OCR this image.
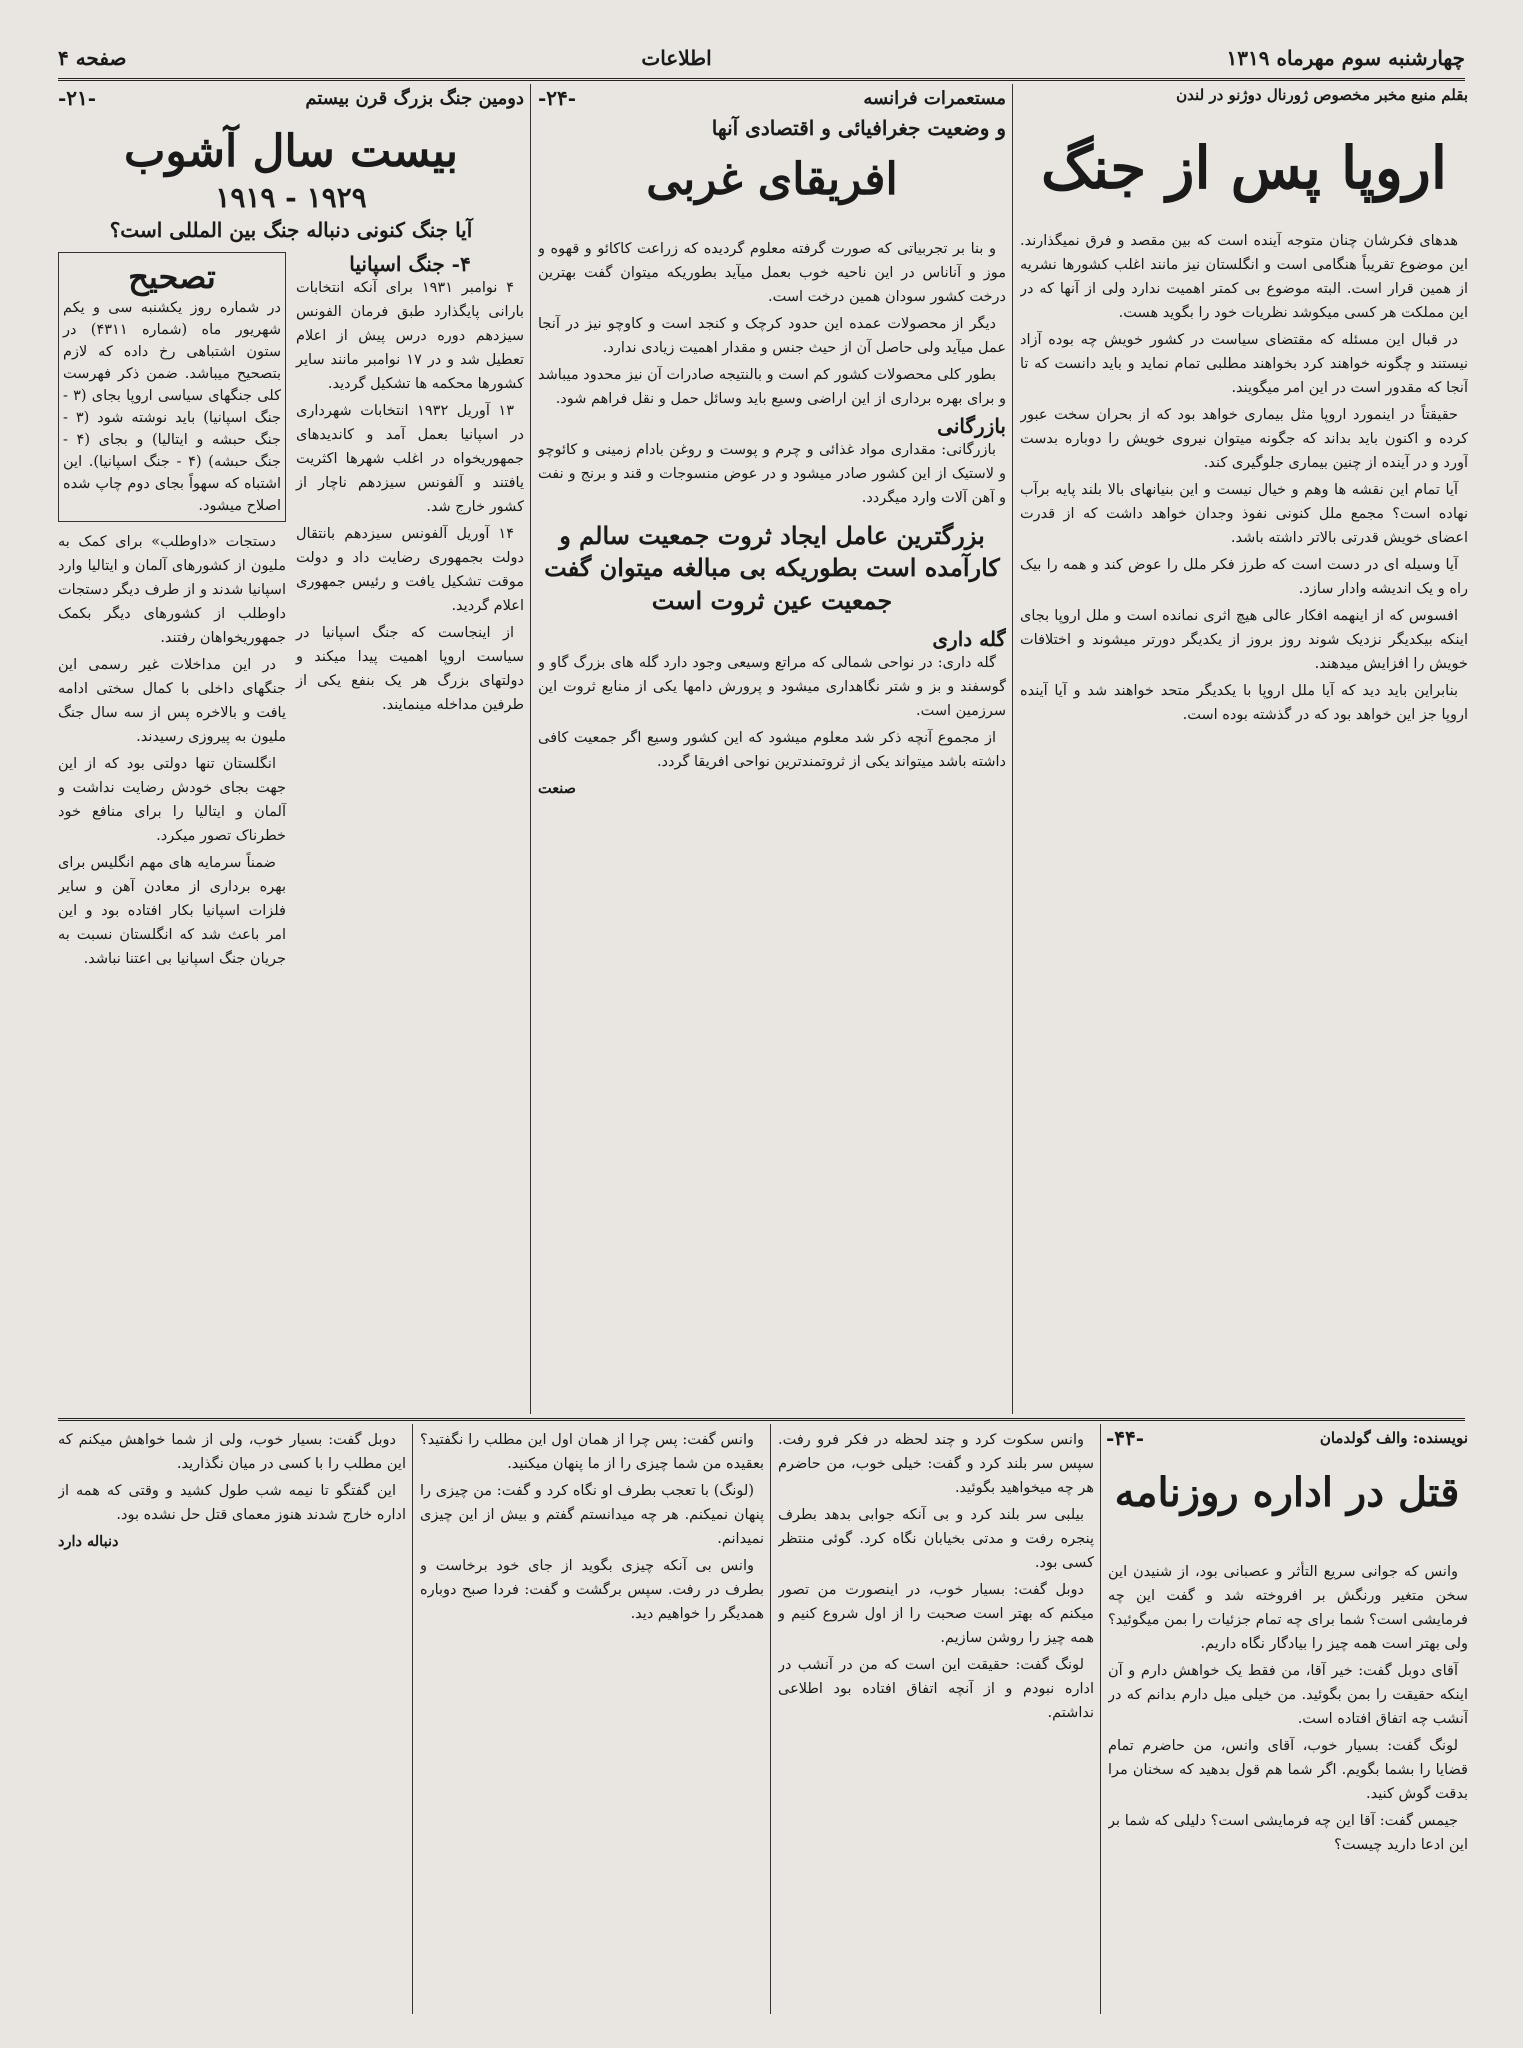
چهارشنبه سوم مهرماه ۱۳۱۹
اطلاعات
صفحه ۴
بقلم منبع مخبر مخصوص ژورنال دوژنو در لندن
اروپا پس از جنگ

هدهای فکرشان چنان متوجه آینده است که بین مقصد و فرق نمیگذارند. این موضوع تقریباً هنگامی است و انگلستان نیز مانند اغلب کشورها نشریه از همین قرار است. البته موضوع بی کمتر اهمیت ندارد ولی از آنها که در این مملکت هر کسی میکوشد نظریات خود را بگوید هست.

در قبال این مسئله که مقتضای سیاست در کشور خویش چه بوده آزاد نیستند و چگونه خواهند کرد بخواهند مطلبی تمام نماید و باید دانست که تا آنجا که مقدور است در این امر میگویند.

حقیقتاً در اینمورد اروپا مثل بیماری خواهد بود که از بحران سخت عبور کرده و اکنون باید بداند که جگونه میتوان نیروی خویش را دوباره بدست آورد و در آینده از چنین بیماری جلوگیری کند.

آیا تمام این نقشه ها وهم و خیال نیست و این بنیانهای بالا بلند پایه برآب نهاده است؟ مجمع ملل کنونی نفوذ وجدان خواهد داشت که از قدرت اعضای خویش قدرتی بالاتر داشته باشد.

آیا وسیله ای در دست است که طرز فکر ملل را عوض کند و همه را بیک راه و یک اندیشه وادار سازد.

افسوس که از اینهمه افکار عالی هیچ اثری نمانده است و ملل اروپا بجای اینکه بیکدیگر نزدیک شوند روز بروز از یکدیگر دورتر میشوند و اختلافات خویش را افزایش میدهند.

بنابراین باید دید که آیا ملل اروپا با یکدیگر متحد خواهند شد و آیا آینده اروپا جز این خواهد بود که در گذشته بوده است.

مستعمرات فرانسه
-۲۴-
و وضعیت جغرافیائی و اقتصادی آنها
افریقای غربی

و بنا بر تجربیاتی که صورت گرفته معلوم گردیده که زراعت کاکائو و قهوه و موز و آناناس در این ناحیه خوب بعمل میآید بطوریکه میتوان گفت بهترین درخت کشور سودان همین درخت است.

دیگر از محصولات عمده این حدود کرچک و کنجد است و کاوچو نیز در آنجا عمل میآید ولی حاصل آن از حیث جنس و مقدار اهمیت زیادی ندارد.

بطور کلی محصولات کشور کم است و بالنتیجه صادرات آن نیز محدود میباشد و برای بهره برداری از این اراضی وسیع باید وسائل حمل و نقل فراهم شود.

بازرگانی

بازرگانی: مقداری مواد غذائی و چرم و پوست و روغن بادام زمینی و کائوچو و لاستیک از این کشور صادر میشود و در عوض منسوجات و قند و برنج و نفت و آهن آلات وارد میگردد.

بزرگترین عامل ایجاد ثروت جمعیت سالم و کارآمده است بطوریکه بی مبالغه میتوان گفت جمعیت عین ثروت است
گله داری

گله داری: در نواحی شمالی که مراتع وسیعی وجود دارد گله های بزرگ گاو و گوسفند و بز و شتر نگاهداری میشود و پرورش دامها یکی از منابع ثروت این سرزمین است.

از مجموع آنچه ذکر شد معلوم میشود که این کشور وسیع اگر جمعیت کافی داشته باشد میتواند یکی از ثروتمندترین نواحی افریقا گردد.

صنعت
دومین جنگ بزرگ قرن بیستم
-۲۱-
بیست سال آشوب
۱۹۲۹ - ۱۹۱۹
آیا جنگ کنونی دنباله جنگ بین المللی است؟
۴- جنگ اسپانیا

۴ نوامبر ۱۹۳۱ برای آنکه انتخابات بارانی پایگذارد طبق فرمان الفونس سیزدهم دوره درس پیش از اعلام تعطیل شد و در ۱۷ نوامبر مانند سایر کشورها محکمه ها تشکیل گردید.

۱۳ آوریل ۱۹۳۲ انتخابات شهرداری در اسپانیا بعمل آمد و کاندیدهای جمهوریخواه در اغلب شهرها اکثریت یافتند و آلفونس سیزدهم ناچار از کشور خارج شد.

۱۴ آوریل آلفونس سیزدهم بانتقال دولت بجمهوری رضایت داد و دولت موقت تشکیل یافت و رئیس جمهوری اعلام گردید.

از اینجاست که جنگ اسپانیا در سیاست اروپا اهمیت پیدا میکند و دولتهای بزرگ هر یک بنفع یکی از طرفین مداخله مینمایند.

تصحیح
در شماره روز یکشنبه سی و یکم شهریور ماه (شماره ۴۳۱۱) در ستون اشتباهی رخ داده که لازم بتصحیح میباشد. ضمن ذکر فهرست کلی جنگهای سیاسی اروپا بجای (۳ - جنگ اسپانیا) باید نوشته شود (۳ - جنگ حبشه و ایتالیا) و بجای (۴ - جنگ حبشه) (۴ - جنگ اسپانیا). این اشتباه که سهواً بجای دوم چاپ شده اصلاح میشود.

دستجات «داوطلب» برای کمک به ملیون از کشورهای آلمان و ایتالیا وارد اسپانیا شدند و از طرف دیگر دستجات داوطلب از کشورهای دیگر بکمک جمهوریخواهان رفتند.

در این مداخلات غیر رسمی این جنگهای داخلی با کمال سختی ادامه یافت و بالاخره پس از سه سال جنگ ملیون به پیروزی رسیدند.

انگلستان تنها دولتی بود که از این جهت بجای خودش رضایت نداشت و آلمان و ایتالیا را برای منافع خود خطرناک تصور میکرد.

ضمناً سرمایه های مهم انگلیس برای بهره برداری از معادن آهن و سایر فلزات اسپانیا بکار افتاده بود و این امر باعث شد که انگلستان نسبت به جریان جنگ اسپانیا بی اعتنا نباشد.

نویسنده: والف گولدمان
-۴۴-
قتل در اداره روزنامه

وانس که جوانی سریع التأثر و عصبانی بود، از شنیدن این سخن متغیر ورنگش بر افروخته شد و گفت این چه فرمایشی است؟ شما برای چه تمام جزئیات را بمن میگوئید؟ ولی بهتر است همه چیز را بیادگار نگاه داریم.

آقای دوبل گفت: خیر آقا، من فقط یک خواهش دارم و آن اینکه حقیقت را بمن بگوئید. من خیلی میل دارم بدانم که در آنشب چه اتفاق افتاده است.

لونگ گفت: بسیار خوب، آقای وانس، من حاضرم تمام قضایا را بشما بگویم. اگر شما هم قول بدهید که سخنان مرا بدقت گوش کنید.

جیمس گفت: آقا این چه فرمایشی است؟ دلیلی که شما بر این ادعا دارید چیست؟

وانس سکوت کرد و چند لحظه در فکر فرو رفت. سپس سر بلند کرد و گفت: خیلی خوب، من حاضرم هر چه میخواهید بگوئید.

بیلبی سر بلند کرد و بی آنکه جوابی بدهد بطرف پنجره رفت و مدتی بخیابان نگاه کرد. گوئی منتظر کسی بود.

دوبل گفت: بسیار خوب، در اینصورت من تصور میکنم که بهتر است صحبت را از اول شروع کنیم و همه چیز را روشن سازیم.

لونگ گفت: حقیقت این است که من در آنشب در اداره نبودم و از آنچه اتفاق افتاده بود اطلاعی نداشتم.

وانس گفت: پس چرا از همان اول این مطلب را نگفتید؟ بعقیده من شما چیزی را از ما پنهان میکنید.

(لونگ) با تعجب بطرف او نگاه کرد و گفت: من چیزی را پنهان نمیکنم. هر چه میدانستم گفتم و بیش از این چیزی نمیدانم.

وانس بی آنکه چیزی بگوید از جای خود برخاست و بطرف در رفت. سپس برگشت و گفت: فردا صبح دوباره همدیگر را خواهیم دید.

دوبل گفت: بسیار خوب، ولی از شما خواهش میکنم که این مطلب را با کسی در میان نگذارید.

این گفتگو تا نیمه شب طول کشید و وقتی که همه از اداره خارج شدند هنوز معمای قتل حل نشده بود.

دنباله دارد
